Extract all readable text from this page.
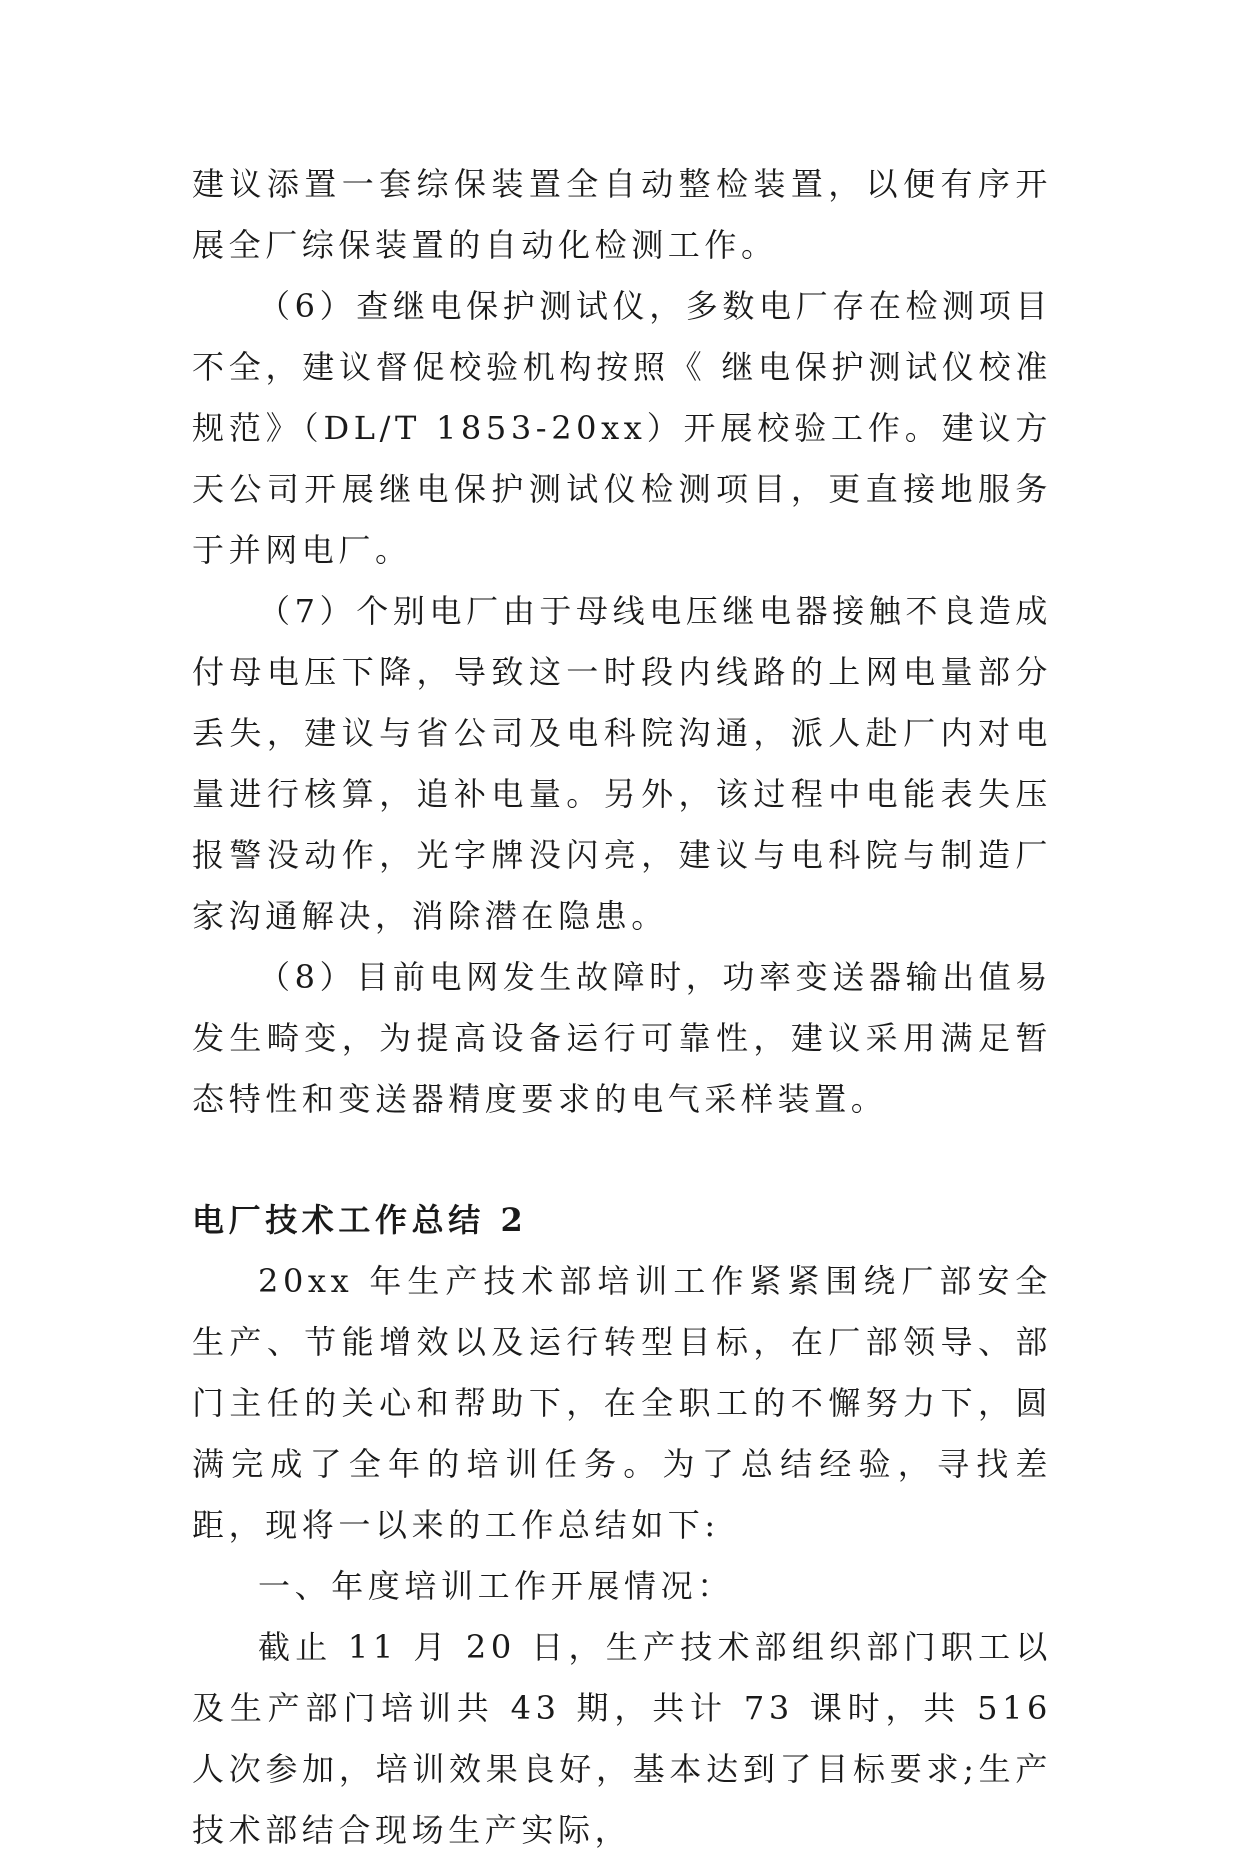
建议添置一套综保装置全自动整检装置，以便有序开展全厂综保装置的自动化检测工作。

（6）查继电保护测试仪，多数电厂存在检测项目不全，建议督促校验机构按照《 继电保护测试仪校准规范》（DL/T 1853-20xx）开展校验工作。建议方天公司开展继电保护测试仪检测项目，更直接地服务于并网电厂。

（7）个别电厂由于母线电压继电器接触不良造成付母电压下降，导致这一时段内线路的上网电量部分丢失，建议与省公司及电科院沟通，派人赴厂内对电量进行核算，追补电量。另外，该过程中电能表失压报警没动作，光字牌没闪亮，建议与电科院与制造厂家沟通解决，消除潜在隐患。

（8）目前电网发生故障时，功率变送器输出值易发生畸变，为提高设备运行可靠性，建议采用满足暂态特性和变送器精度要求的电气采样装置。

电厂技术工作总结 2

20xx 年生产技术部培训工作紧紧围绕厂部安全生产、节能增效以及运行转型目标，在厂部领导、部门主任的关心和帮助下，在全职工的不懈努力下，圆满完成了全年的培训任务。为了总结经验，寻找差距，现将一以来的工作总结如下:

一、年度培训工作开展情况：

截止 11 月 20 日，生产技术部组织部门职工以及生产部门培训共 43 期，共计 73 课时，共 516 人次参加，培训效果良好，基本达到了目标要求;生产技术部结合现场生产实际，
